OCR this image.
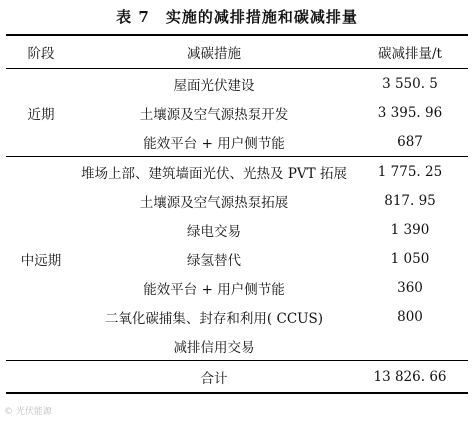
表 7　实施的减排措施和碳减排量
阶段	减碳措施	碳减排量/t
近期	屋面光伏建设	3 550. 5
	土壤源及空气源热泵开发	3 395. 96
	能效平台 + 用户侧节能	687
中远期	堆场上部、建筑墙面光伏、光热及 PVT 拓展	1 775. 25
	土壤源及空气源热泵拓展	817. 95
	绿电交易	1 390
	绿氢替代	1 050
	能效平台 + 用户侧节能	360
	二氧化碳捕集、封存和利用( CCUS)	800
	减排信用交易	
	合计	13 826. 66
© 光伏能源
